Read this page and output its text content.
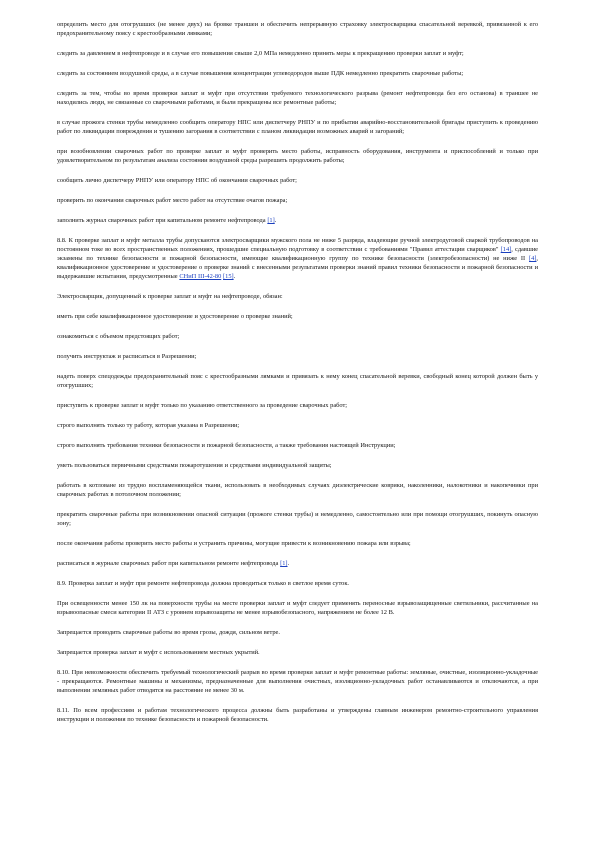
определить место для отогрушших (не менее двух) на бровке траншеи и обеспечить непрерывную страховку электросварщика спасательной веревкой, привязанной к его предохранительному поясу с крестообразными лямками;

следить за давлением в нефтепроводе и в случае его повышения свыше 2,0 МПа немедленно принять меры к прекращению проверки заплат и муфт;

следить за состоянием воздушной среды, а в случае повышения концентрации углеводородов выше ПДК немедленно прекратить сварочные работы;

следить за тем, чтобы во время проверки заплат и муфт при отсутствии требуемого технологического разрыва (ремонт нефтепровода без его останова) в траншее не находились люди, не связанные со сварочными работами, и были прекращены все ремонтные работы;

в случае прожога стенки трубы немедленно сообщить оператору НПС или диспетчеру РНПУ и по прибытии аварийно-восстановительной бригады приступить к проведению работ по ликвидации повреждения и тушению загорания в соответствии с планом ликвидации возможных аварий и загораний;

при возобновлении сварочных работ по проверке заплат и муфт проверить место работы, исправность оборудования, инструмента и приспособлений и только при удовлетворительном по результатам анализа состоянии воздушной среды разрешить продолжить работы;

сообщить лично диспетчеру РНПУ или оператору НПС об окончании сварочных работ;

проверить по окончании сварочных работ место работ на отсутствие очагов пожара;

заполнить журнал сварочных работ при капитальном ремонте нефтепровода [1].

8.8. К проверке заплат и муфт металла трубы допускаются электросварщики мужского пола не ниже 5 разряда, владеющие ручной электродуговой сваркой трубопроводов на постоянном токе во всех пространственных положениях, прошедшие специальную подготовку в соответствии с требованиями "Правил аттестации сварщиков" [14], сдавшие экзамены по технике безопасности и пожарной безопасности, имеющие квалификационную группу по технике безопасности (электробезопасности) не ниже II [4], квалификационное удостоверение и удостоверение о проверке знаний с внесенными результатами проверки знаний правил техники безопасности и пожарной безопасности и выдержавшие испытания, предусмотренные СНиП III-42-80 [15].

Электросварщик, допущенный к проверке заплат и муфт на нефтепроводе, обязан:

иметь при себе квалификационное удостоверение и удостоверение о проверке знаний;

ознакомиться с объемом предстоящих работ;

получить инструктаж и расписаться в Разрешении;

надеть поверх спецодежды предохранительный пояс с крестообразными лямками и привязать к нему конец спасательной веревки, свободный конец которой должен быть у отогрушших;

приступить к проверке заплат и муфт только по указанию ответственного за проведение сварочных работ;

строго выполнять только ту работу, которая указана в Разрешении;

строго выполнять требования техники безопасности и пожарной безопасности, а также требования настоящей Инструкции;

уметь пользоваться первичными средствами пожаротушения и средствами индивидуальной защиты;

работать в котловане из трудно воспламеняющейся ткани, использовать в необходимых случаях диэлектрические коврики, наколенники, налокотники и накопечники при сварочных работах в потолочном положении;

прекратить сварочные работы при возникновении опасной ситуации (прожоге стенки трубы) и немедленно, самостоятельно или при помощи отогрушших, покинуть опасную зону;

после окончания работы проверить место работы и устранить причины, могущие привести к возникновению пожара или взрыва;

расписаться в журнале сварочных работ при капитальном ремонте нефтепровода [1].

8.9. Проверка заплат и муфт при ремонте нефтепровода должна проводиться только в светлое время суток.

При освещенности менее 150 лк на поверхности трубы на месте проверки заплат и муфт следует применять переносные взрывозащищенные светильники, рассчитанные на взрывоопасные смеси категории II АТЗ с уровнем взрывозащиты не менее взрывобезопасного, напряжением не более 12 В.

Запрещается проводить сварочные работы во время грозы, дождя, сильном ветре.

Запрещается проверка заплат и муфт с использованием местных укрытий.

8.10. При невозможности обеспечить требуемый технологический разрыв во время проверки заплат и муфт ремонтные работы: земляные, очистные, изоляционно-укладочные - прекращаются. Ремонтные машины и механизмы, предназначенные для выполнения очистных, изоляционно-укладочных работ останавливаются и отключаются, а при выполнении земляных работ отводятся на расстояние не менее 30 м.

8.11. По всем профессиям и работам технологического процесса должны быть разработаны и утверждены главным инженером ремонтно-строительного управления инструкции и положения по технике безопасности и пожарной безопасности.
